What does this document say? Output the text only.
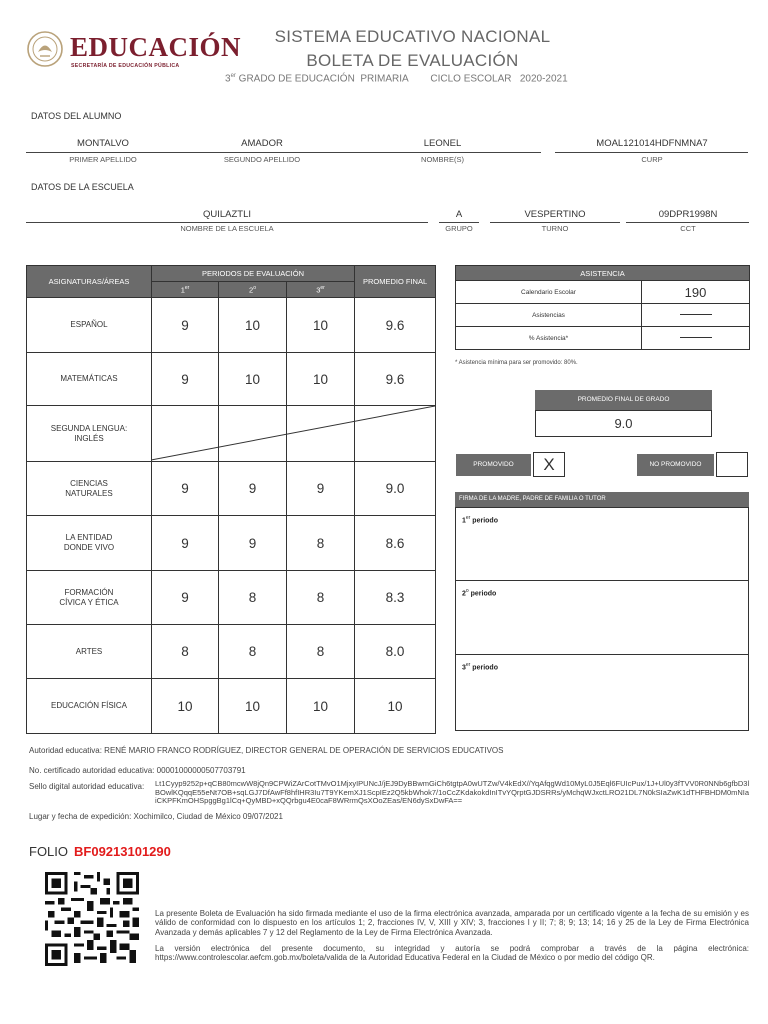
EDUCACIÓN
SECRETARÍA DE EDUCACIÓN PÚBLICA
SISTEMA EDUCATIVO NACIONAL
BOLETA DE EVALUACIÓN
3er GRADO DE EDUCACIÓN  PRIMARIA        CICLO ESCOLAR   2020-2021
DATOS DEL ALUMNO
MONTALVO	AMADOR	LEONEL	MOAL121014HDFNMNA7
PRIMER APELLIDO	SEGUNDO APELLIDO	NOMBRE(S)	CURP
DATOS DE LA ESCUELA
QUILAZTLI	A	VESPERTINO	09DPR1998N
NOMBRE DE LA ESCUELA	GRUPO	TURNO	CCT
ASIGNATURAS/ÁREAS	PERIODOS DE EVALUACIÓN			PROMEDIO FINAL
	1er	2$^o$	3er
ESPAÑOL	9	10	10	9.6
MATEMÁTICAS	9	10	10	9.6
SEGUNDA LENGUA: INGLÉS				
CIENCIAS NATURALES	9	9	9	9.0
LA ENTIDAD DONDE VIVO	9	9	8	8.6
FORMACIÓN CÍVICA Y ÉTICA	9	8	8	8.3
ARTES	8	8	8	8.0
EDUCACIÓN FÍSICA	10	10	10	10
ASISTENCIA	
Calendario Escolar	190
Asistencias	
% Asistencia*	
* Asistencia mínima para ser promovido: 80%.
PROMEDIO FINAL DE GRADO
9.0
PROMOVIDO	X	NO PROMOVIDO
FIRMA DE LA MADRE, PADRE DE FAMILIA O TUTOR
1er periodo
2$^o$ periodo
3er periodo
Autoridad educativa: RENÉ MARIO FRANCO RODRÍGUEZ, DIRECTOR GENERAL DE OPERACIÓN DE SERVICIOS EDUCATIVOS
No. certificado autoridad educativa: 00001000000507703791
Sello digital autoridad educativa: Lt1Cyyp9252p+qCB80mcwW8jQn9CPWiZArCotTMvO1MjxyIPUNcJ/jEJ9DyBBwmGiCh6tgtpA0wUTZw/V4kEdX//YqAfqgWd10MyL0J5Eql6FUIcPux/1J+Ul0y3fTVV0R0NNb6gfbD3lBOwlKQqqE55eNt7OB+sqLGJ7DfAwFf8hfIHR3Iu7T9YKemXJ1ScpIEz2Q5kbWhok7/1oCcZKdakokdInITvYQrptGJDSRRs/yMchqWJxctLRO21DL7N0kSIaZwK1dTHFBHDM0mNIaiCKPFKmOHSpggBg1lCq+QyMBD+xQQrbgu4E0caF8WRrmQsXOoZEas/EN6dySxDwFA==
Lugar y fecha de expedición: Xochimilco, Ciudad de México 09/07/2021
FOLIO BF09213101290
La presente Boleta de Evaluación ha sido firmada mediante el uso de la firma electrónica avanzada, amparada por un certificado vigente a la fecha de su emisión y es válido de conformidad con lo dispuesto en los artículos 1; 2, fracciones IV, V, XIII y XIV; 3, fracciones I y II; 7; 8; 9; 13; 14; 16 y 25 de la Ley de Firma Electrónica Avanzada y demás aplicables 7 y 12 del Reglamento de la Ley de Firma Electrónica Avanzada.
La versión electrónica del presente documento, su integridad y autoría se podrá comprobar a través de la página electrónica: https://www.controlescolar.aefcm.gob.mx/boleta/valida de la Autoridad Educativa Federal en la Ciudad de México o por medio del código QR.
